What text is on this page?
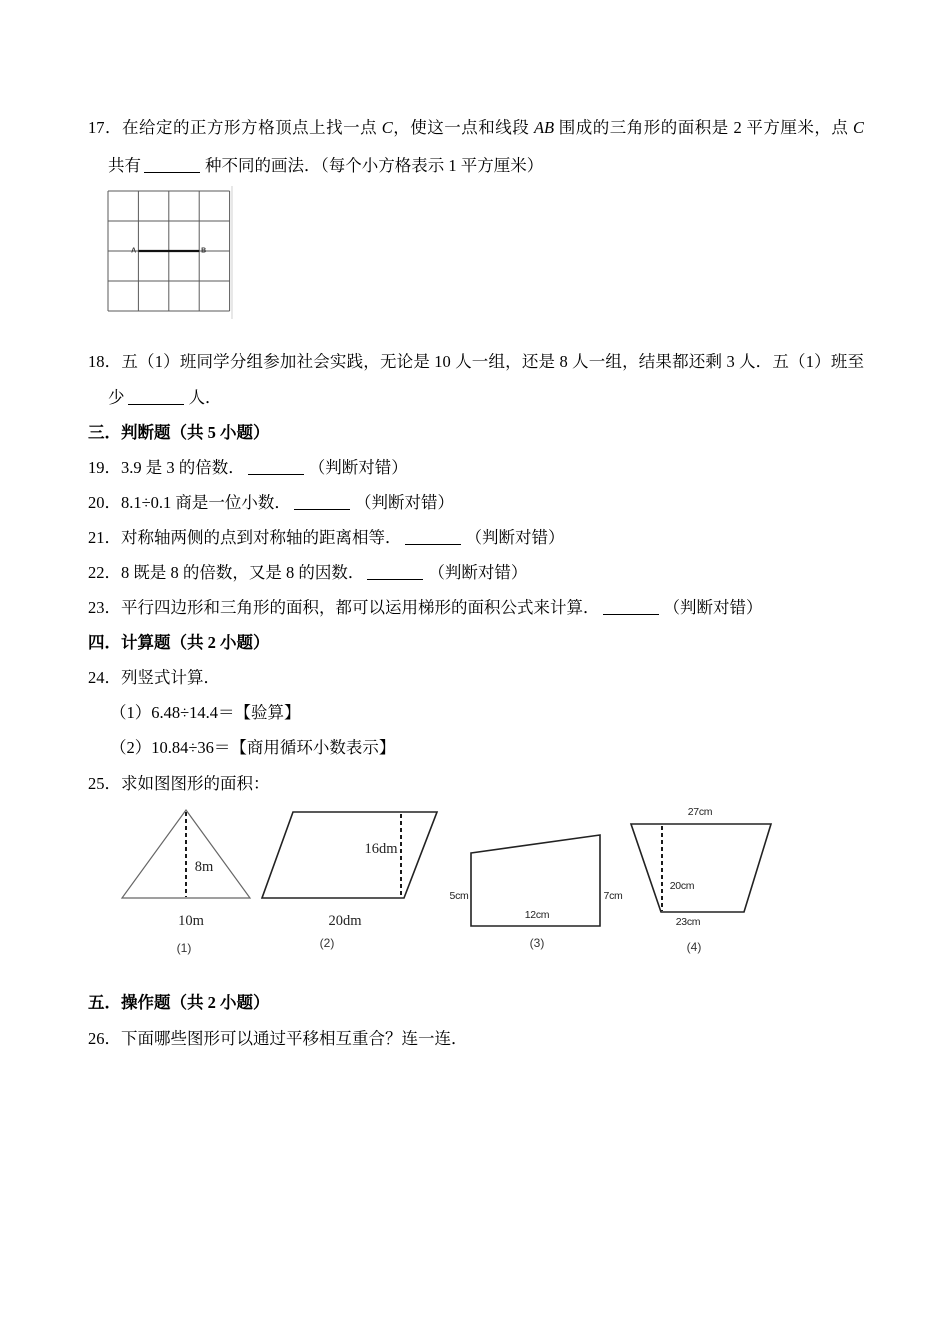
17．在给定的正方形方格顶点上找一点 C，使这一点和线段 AB 围成的三角形的面积是 2 平方厘米，点 C
共有	种不同的画法．（每个小方格表示 1 平方厘米）
A	B
18．五（1）班同学分组参加社会实践，无论是 10 人一组，还是 8 人一组，结果都还剩 3 人．五（1）班至
少	人．
三．判断题（共 5 小题）
19．3.9 是 3 的倍数．	（判断对错）
20．8.1÷0.1 商是一位小数．	（判断对错）
21．对称轴两侧的点到对称轴的距离相等．	（判断对错）
22．8 既是 8 的倍数，又是 8 的因数．	（判断对错）
23．平行四边形和三角形的面积，都可以运用梯形的面积公式来计算．	（判断对错）
四．计算题（共 2 小题）
24．列竖式计算．
（1）6.48÷14.4＝【验算】
（2）10.84÷36＝【商用循环小数表示】
25．求如图图形的面积：
8m
10m
(1)
16dm
20dm
(2)
5cm	7cm
12cm
(3)
27cm
20cm
23cm
(4)
五．操作题（共 2 小题）
26．下面哪些图形可以通过平移相互重合？连一连．
